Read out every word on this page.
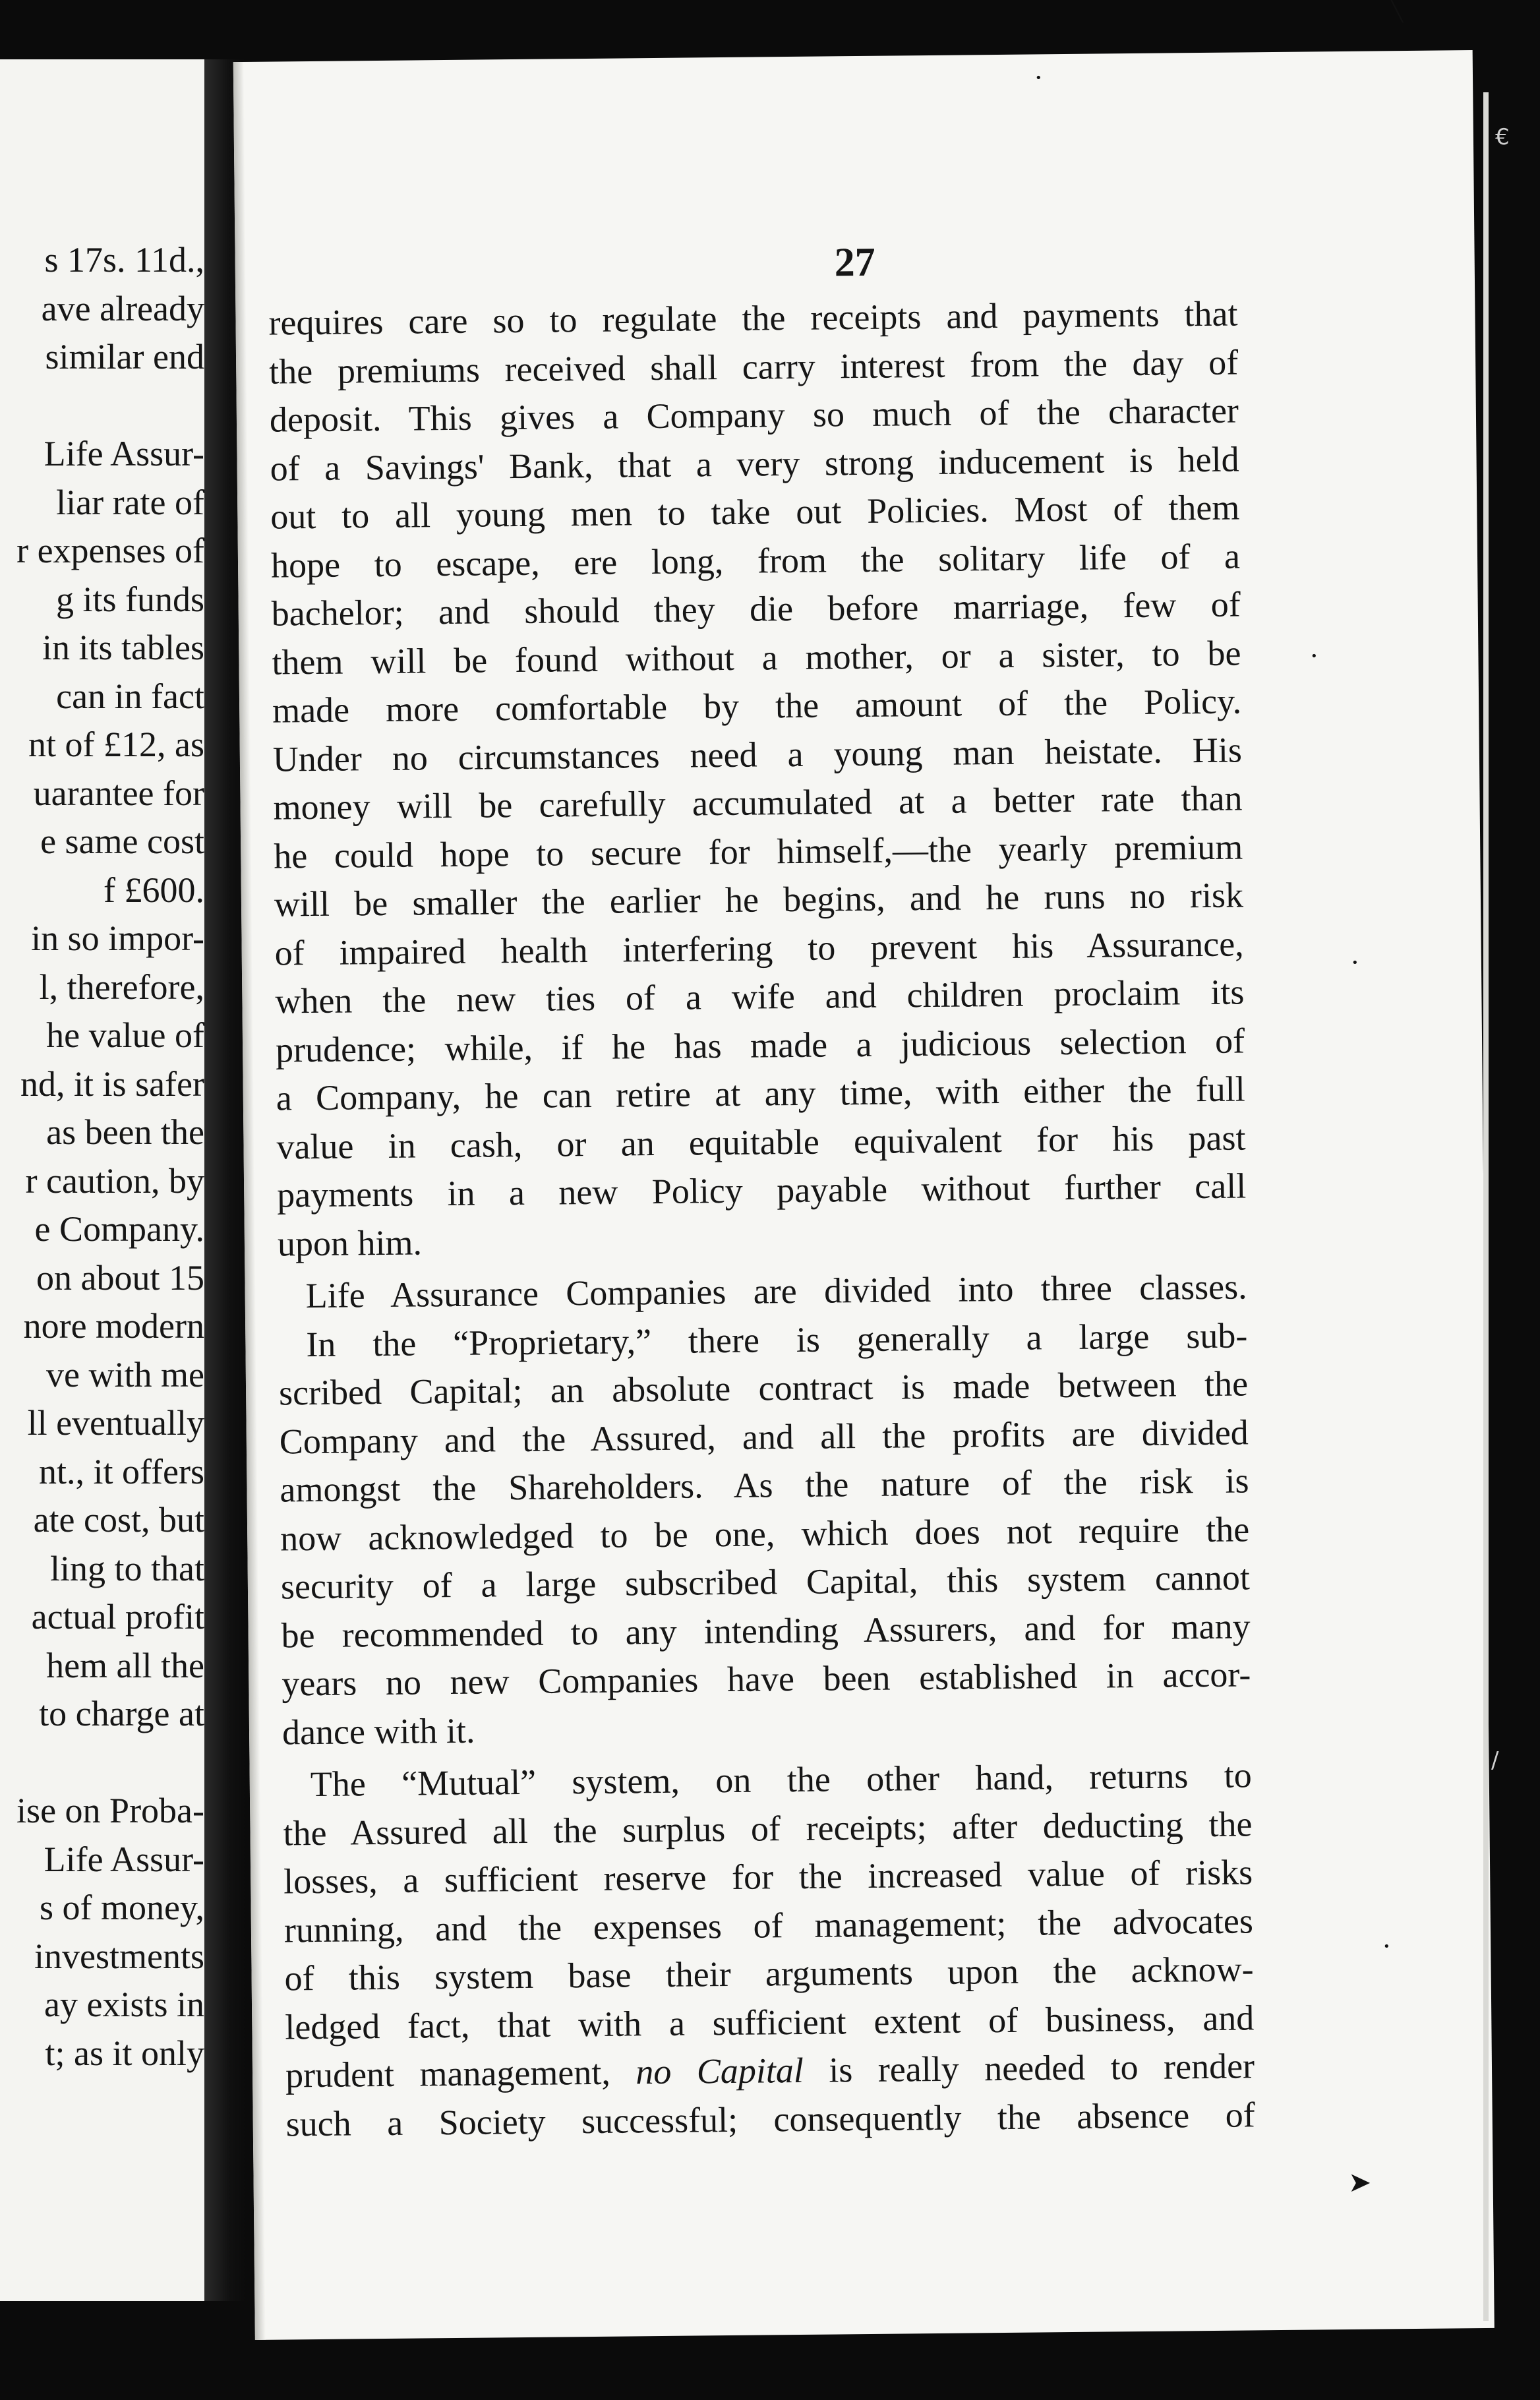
s 17s. 11d.,
ave already
similar end
Life Assur-
liar rate of
r expenses of
g its funds
in its tables
can in fact
nt of £12, as
uarantee for
e same cost
f £600.
in so impor-
l, therefore,
he value of
nd, it is safer
as been the
r caution, by
e Company.
on about 15
nore modern
ve with me
ll eventually
nt., it offers
ate cost, but
ling to that
actual profit
hem all the
to charge at
ise on Proba-
Life Assur-
s of money,
investments
ay exists in
t; as it only

27

requires care so to regulate the receipts and payments that
the premiums received shall carry interest from the day of
deposit. This gives a Company so much of the character
of a Savings' Bank, that a very strong inducement is held
out to all young men to take out Policies. Most of them
hope to escape, ere long, from the solitary life of a
bachelor; and should they die before marriage, few of
them will be found without a mother, or a sister, to be
made more comfortable by the amount of the Policy.
Under no circumstances need a young man heistate. His
money will be carefully accumulated at a better rate than
he could hope to secure for himself,—the yearly premium
will be smaller the earlier he begins, and he runs no risk
of impaired health interfering to prevent his Assurance,
when the new ties of a wife and children proclaim its
prudence; while, if he has made a judicious selection of
a Company, he can retire at any time, with either the full
value in cash, or an equitable equivalent for his past
payments in a new Policy payable without further call
upon him.
Life Assurance Companies are divided into three classes.
In the “Proprietary,” there is generally a large sub-
scribed Capital; an absolute contract is made between the
Company and the Assured, and all the profits are divided
amongst the Shareholders. As the nature of the risk is
now acknowledged to be one, which does not require the
security of a large subscribed Capital, this system cannot
be recommended to any intending Assurers, and for many
years no new Companies have been established in accor-
dance with it.
The “Mutual” system, on the other hand, returns to
the Assured all the surplus of receipts; after deducting the
losses, a sufficient reserve for the increased value of risks
running, and the expenses of management; the advocates
of this system base their arguments upon the acknow-
ledged fact, that with a sufficient extent of business, and
prudent management, no Capital is really needed to render
such a Society successful; consequently the absence of
•
╲
€
•
•
/
•
➤
